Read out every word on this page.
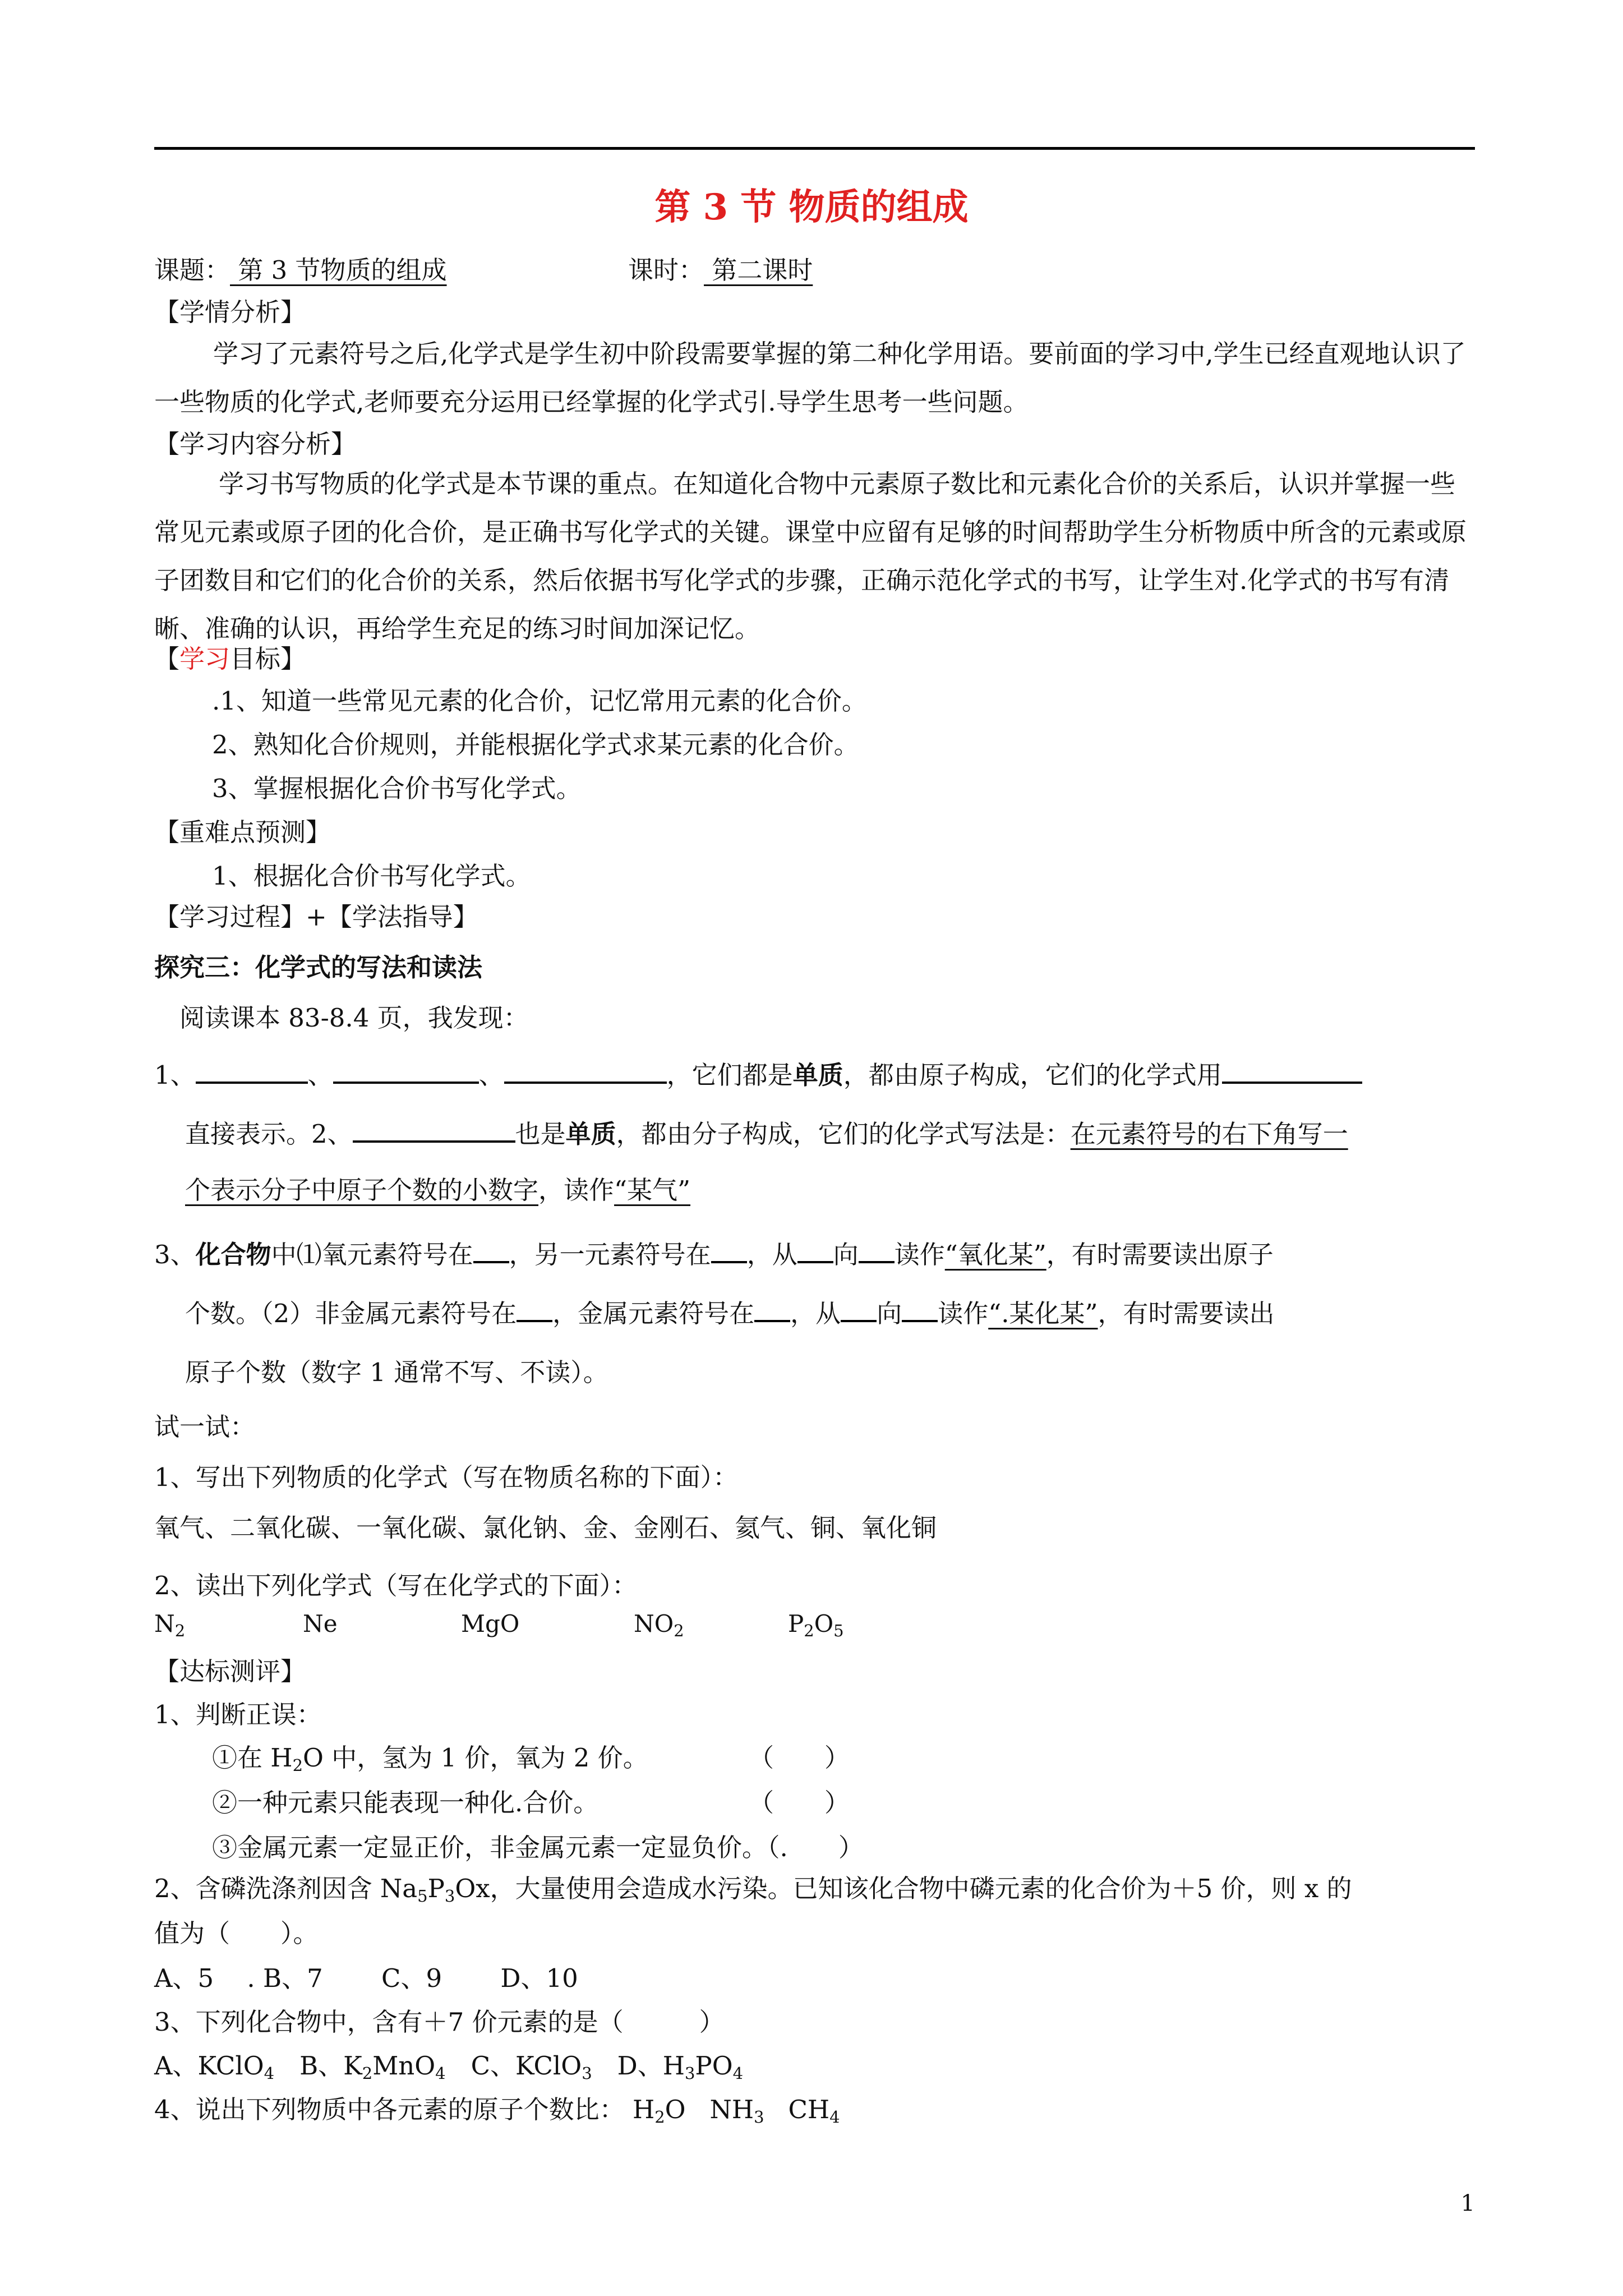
第 3 节 物质的组成
课题： 第 3 节物质的组成	课时： 第二课时
【学情分析】
学习了元素符号之后,化学式是学生初中阶段需要掌握的第二种化学用语。要前面的学习中,学生已经直观地认识了一些物质的化学式,老师要充分运用已经掌握的化学式引.导学生思考一些问题。
【学习内容分析】
学习书写物质的化学式是本节课的重点。在知道化合物中元素原子数比和元素化合价的关系后，认识并掌握一些常见元素或原子团的化合价，是正确书写化学式的关键。课堂中应留有足够的时间帮助学生分析物质中所含的元素或原子团数目和它们的化合价的关系，然后依据书写化学式的步骤，正确示范化学式的书写，让学生对.化学式的书写有清晰、准确的认识，再给学生充足的练习时间加深记忆。
【学习目标】
.1、知道一些常见元素的化合价，记忆常用元素的化合价。
2、熟知化合价规则，并能根据化学式求某元素的化合价。
3、掌握根据化合价书写化学式。
【重难点预测】
1、根据化合价书写化学式。
【学习过程】+【学法指导】
探究三：化学式的写法和读法
阅读课本 83-8.4 页，我发现：
1、	、	、	，它们都是单质，都由原子构成，它们的化学式用
直接表示。2、	也是单质，都由分子构成，它们的化学式写法是：在元素符号的右下角写一
个表示分子中原子个数的小数字，读作“某气”
3、化合物中⑴氧元素符号在 ，另一元素符号在 ，从 向 读作“氧化某”，有时需要读出原子
个数。（2）非金属元素符号在 ，金属元素符号在 ，从 向 读作“.某化某”，有时需要读出
原子个数（数字 1 通常不写、不读）。
试一试：
1、写出下列物质的化学式（写在物质名称的下面）：
氧气、二氧化碳、一氧化碳、氯化钠、金、金刚石、氦气、铜、氧化铜
2、读出下列化学式（写在化学式的下面）：
$N_2$	Ne	MgO	$NO_2$	$P_2O_5$
【达标测评】
1、判断正误：
①在 $H_2O$ 中，氢为 1 价，氧为 2 价。	（　　）
②一种元素只能表现一种化.合价。	（　　）
③金属元素一定显正价，非金属元素一定显负价。（.　　）
2、含磷洗涤剂因含 $Na_5P_3Ox$，大量使用会造成水污染。已知该化合物中磷元素的化合价为＋5 价，则 x 的
值为（　　）。
A、5　 . B、7　　 C、9　　 D、10
3、下列化合物中，含有＋7 价元素的是（　　　）
A、KClO$_4$　B、$K_2MnO_4$　C、KClO$_3$　D、$H_3PO_4$
4、说出下列物质中各元素的原子个数比： $H_2O$ $NH_3$ $CH_4$
1
